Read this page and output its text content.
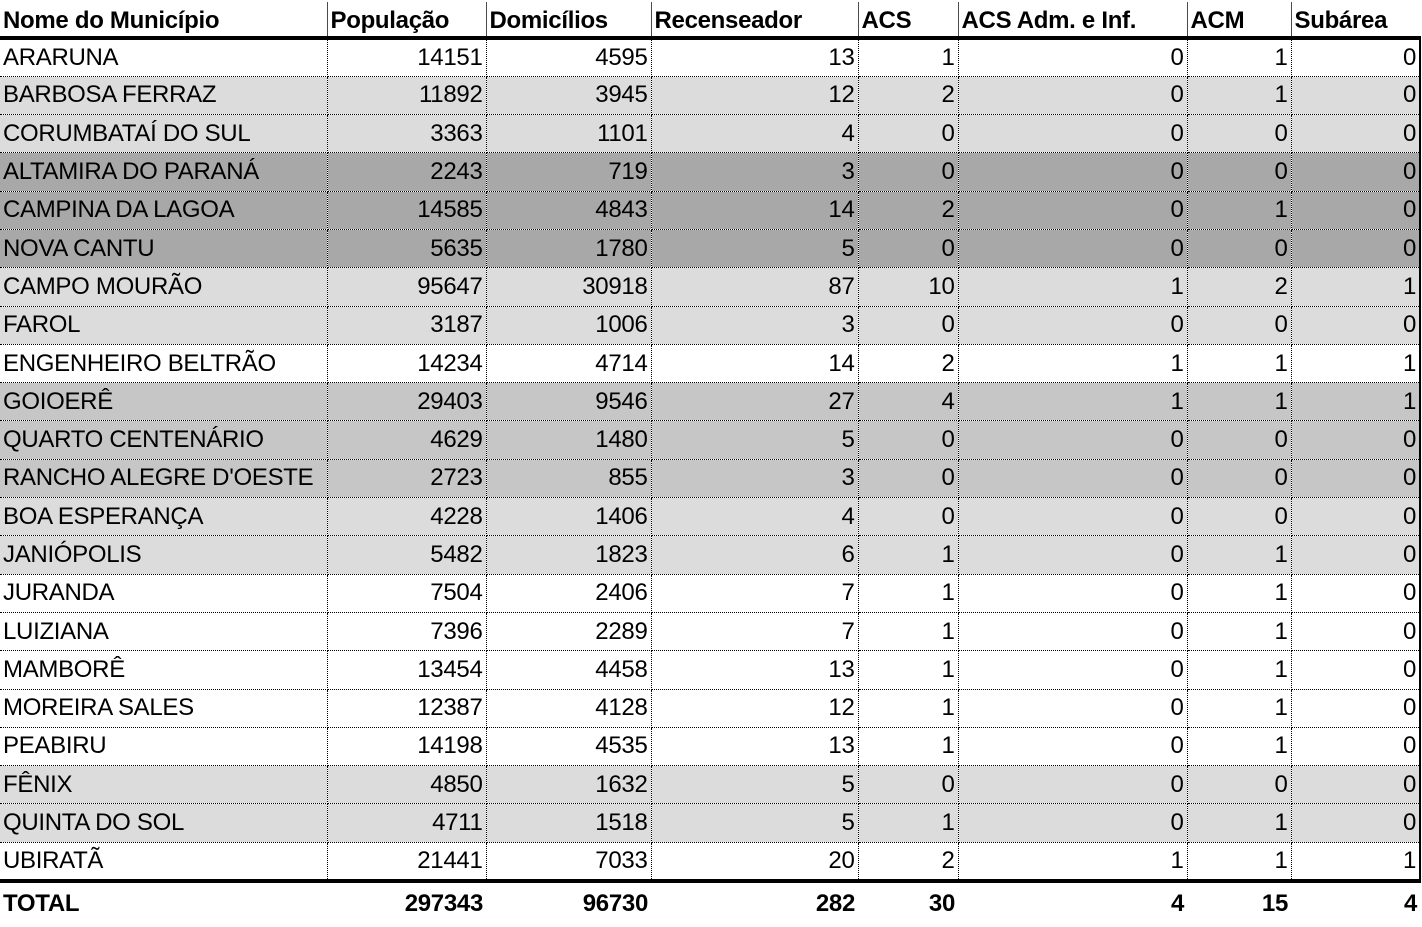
Nome do Município	População	Domicílios	Recenseador	ACS	ACS Adm. e Inf.	ACM	Subárea
ARARUNA	14151	4595	13	1	0	1	0
BARBOSA FERRAZ	11892	3945	12	2	0	1	0
CORUMBATAÍ DO SUL	3363	1101	4	0	0	0	0
ALTAMIRA DO PARANÁ	2243	719	3	0	0	0	0
CAMPINA DA LAGOA	14585	4843	14	2	0	1	0
NOVA CANTU	5635	1780	5	0	0	0	0
CAMPO MOURÃO	95647	30918	87	10	1	2	1
FAROL	3187	1006	3	0	0	0	0
ENGENHEIRO BELTRÃO	14234	4714	14	2	1	1	1
GOIOERÊ	29403	9546	27	4	1	1	1
QUARTO CENTENÁRIO	4629	1480	5	0	0	0	0
RANCHO ALEGRE D'OESTE	2723	855	3	0	0	0	0
BOA ESPERANÇA	4228	1406	4	0	0	0	0
JANIÓPOLIS	5482	1823	6	1	0	1	0
JURANDA	7504	2406	7	1	0	1	0
LUIZIANA	7396	2289	7	1	0	1	0
MAMBORÊ	13454	4458	13	1	0	1	0
MOREIRA SALES	12387	4128	12	1	0	1	0
PEABIRU	14198	4535	13	1	0	1	0
FÊNIX	4850	1632	5	0	0	0	0
QUINTA DO SOL	4711	1518	5	1	0	1	0
UBIRATÃ	21441	7033	20	2	1	1	1
TOTAL	297343	96730	282	30	4	15	4
